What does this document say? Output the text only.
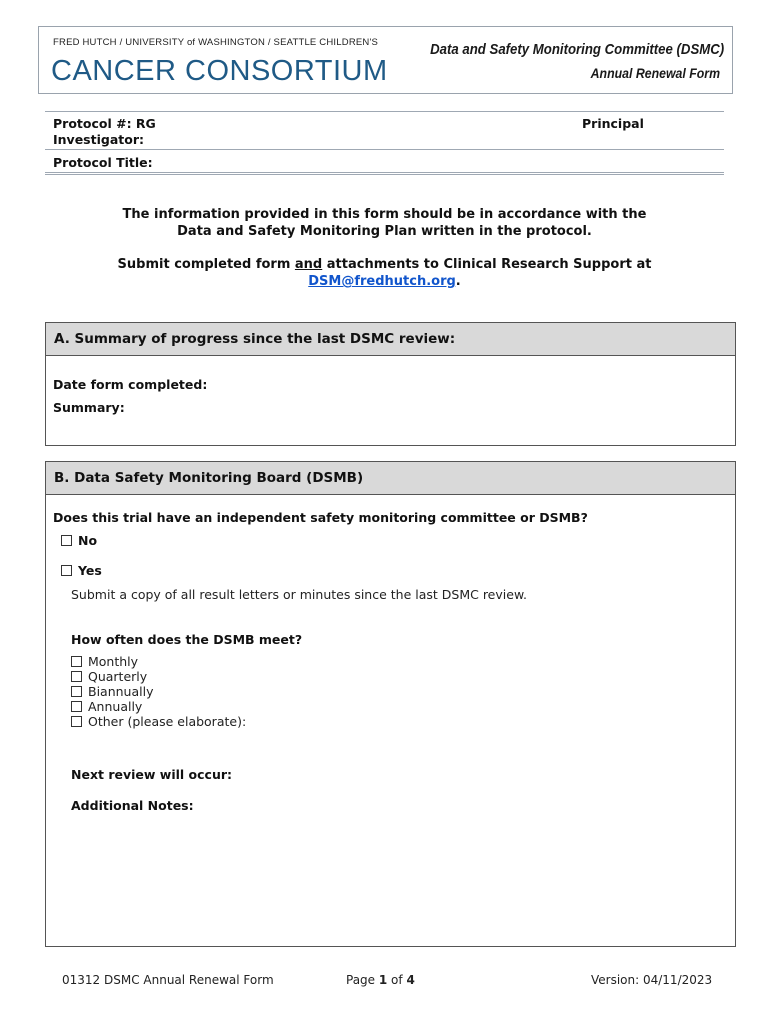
FRED HUTCH / UNIVERSITY of WASHINGTON / SEATTLE CHILDREN'S
CANCER CONSORTIUM
Data and Safety Monitoring Committee (DSMC)
Annual Renewal Form
Protocol #: RG
Investigator:
Principal
Protocol Title:
The information provided in this form should be in accordance with the
Data and Safety Monitoring Plan written in the protocol.
Submit completed form and attachments to Clinical Research Support at
DSM@fredhutch.org.
A. Summary of progress since the last DSMC review:
Date form completed:
Summary:
B. Data Safety Monitoring Board (DSMB)
Does this trial have an independent safety monitoring committee or DSMB?
No
Yes
Submit a copy of all result letters or minutes since the last DSMC review.
How often does the DSMB meet?
Monthly
Quarterly
Biannually
Annually
Other (please elaborate):
Next review will occur:
Additional Notes:
01312 DSMC Annual Renewal Form	Page 1 of 4	Version: 04/11/2023
